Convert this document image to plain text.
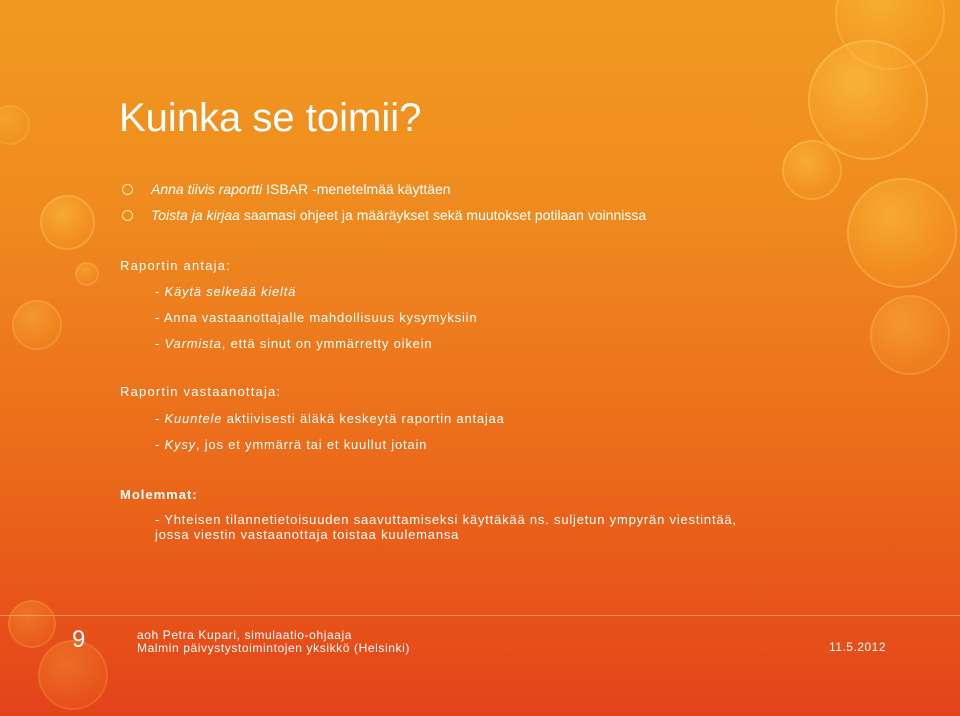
Kuinka se toimii?
Anna tiivis raportti ISBAR -menetelmää käyttäen
Toista ja kirjaa saamasi ohjeet ja määräykset sekä muutokset potilaan voinnissa
Raportin antaja:
- Käytä selkeää kieltä
- Anna vastaanottajalle mahdollisuus kysymyksiin
- Varmista, että sinut on ymmärretty oikein
Raportin vastaanottaja:
- Kuuntele aktiivisesti äläkä keskeytä raportin antajaa
- Kysy, jos et ymmärrä tai et kuullut jotain
Molemmat:
- Yhteisen tilannetietoisuuden saavuttamiseksi käyttäkää ns. suljetun ympyrän viestintää,
jossa viestin vastaanottaja toistaa kuulemansa
9	aoh Petra Kupari, simulaatio-ohjaaja
Malmin päivystystoimintojen yksikkö (Helsinki)	11.5.2012
